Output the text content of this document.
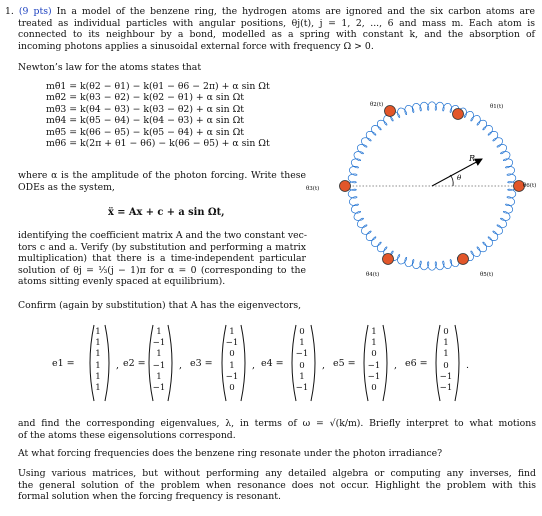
1. (9 pts) In a model of the benzene ring, the hydrogen atoms are ignored and the six carbon atoms are
treated as individual particles with angular positions, θj(t), j = 1, 2, ..., 6 and mass m. Each atom is
connected to its neighbour by a bond, modelled as a spring with constant k, and the absorption of
incoming photons applies a sinusoidal external force with frequency Ω > 0.
Newton’s law for the atoms states that
mθ̈1 = k(θ2 − θ1) − k(θ1 − θ6 − 2π) + α sin Ωt
mθ̈2 = k(θ3 − θ2) − k(θ2 − θ1) + α sin Ωt
mθ̈3 = k(θ4 − θ3) − k(θ3 − θ2) + α sin Ωt
mθ̈4 = k(θ5 − θ4) − k(θ4 − θ3) + α sin Ωt
mθ̈5 = k(θ6 − θ5) − k(θ5 − θ4) + α sin Ωt
mθ̈6 = k(2π + θ1 − θ6) − k(θ6 − θ5) + α sin Ωt
where α is the amplitude of the photon forcing. Write these
ODEs as the system,
ẍ = Ax + c + a sin Ωt,
identifying the coefficient matrix A and the two constant vec-
tors c and a. Verify (by substitution and performing a matrix
multiplication) that there is a time-independent particular
solution of θj = ⅓(j − 1)π for α = 0 (corresponding to the
atoms sitting evenly spaced at equilibrium).
Confirm (again by substitution) that A has the eigenvectors,
e1 =
1
1
1
1
1
1
, e2 =
1
−1
1
−1
1
−1
, e3 =
1
−1
0
1
−1
0
, e4 =
0
1
−1
0
1
−1
, e5 =
1
1
0
−1
−1
0
, e6 =
0
1
1
0
−1
−1
.
and find the corresponding eigenvalues, λ, in terms of ω = √(k/m). Briefly interpret to what motions
of the atoms these eigensolutions correspond.
At what forcing frequencies does the benzene ring resonate under the photon irradiance?
Using various matrices, but without performing any detailed algebra or computing any inverses, find
the general solution of the problem when resonance does not occur. Highlight the problem with this
formal solution when the forcing frequency is resonant.
R
θ
θ2(t)	θ1(t)
θ3(t)	θ6(t)
θ4(t)	θ5(t)
